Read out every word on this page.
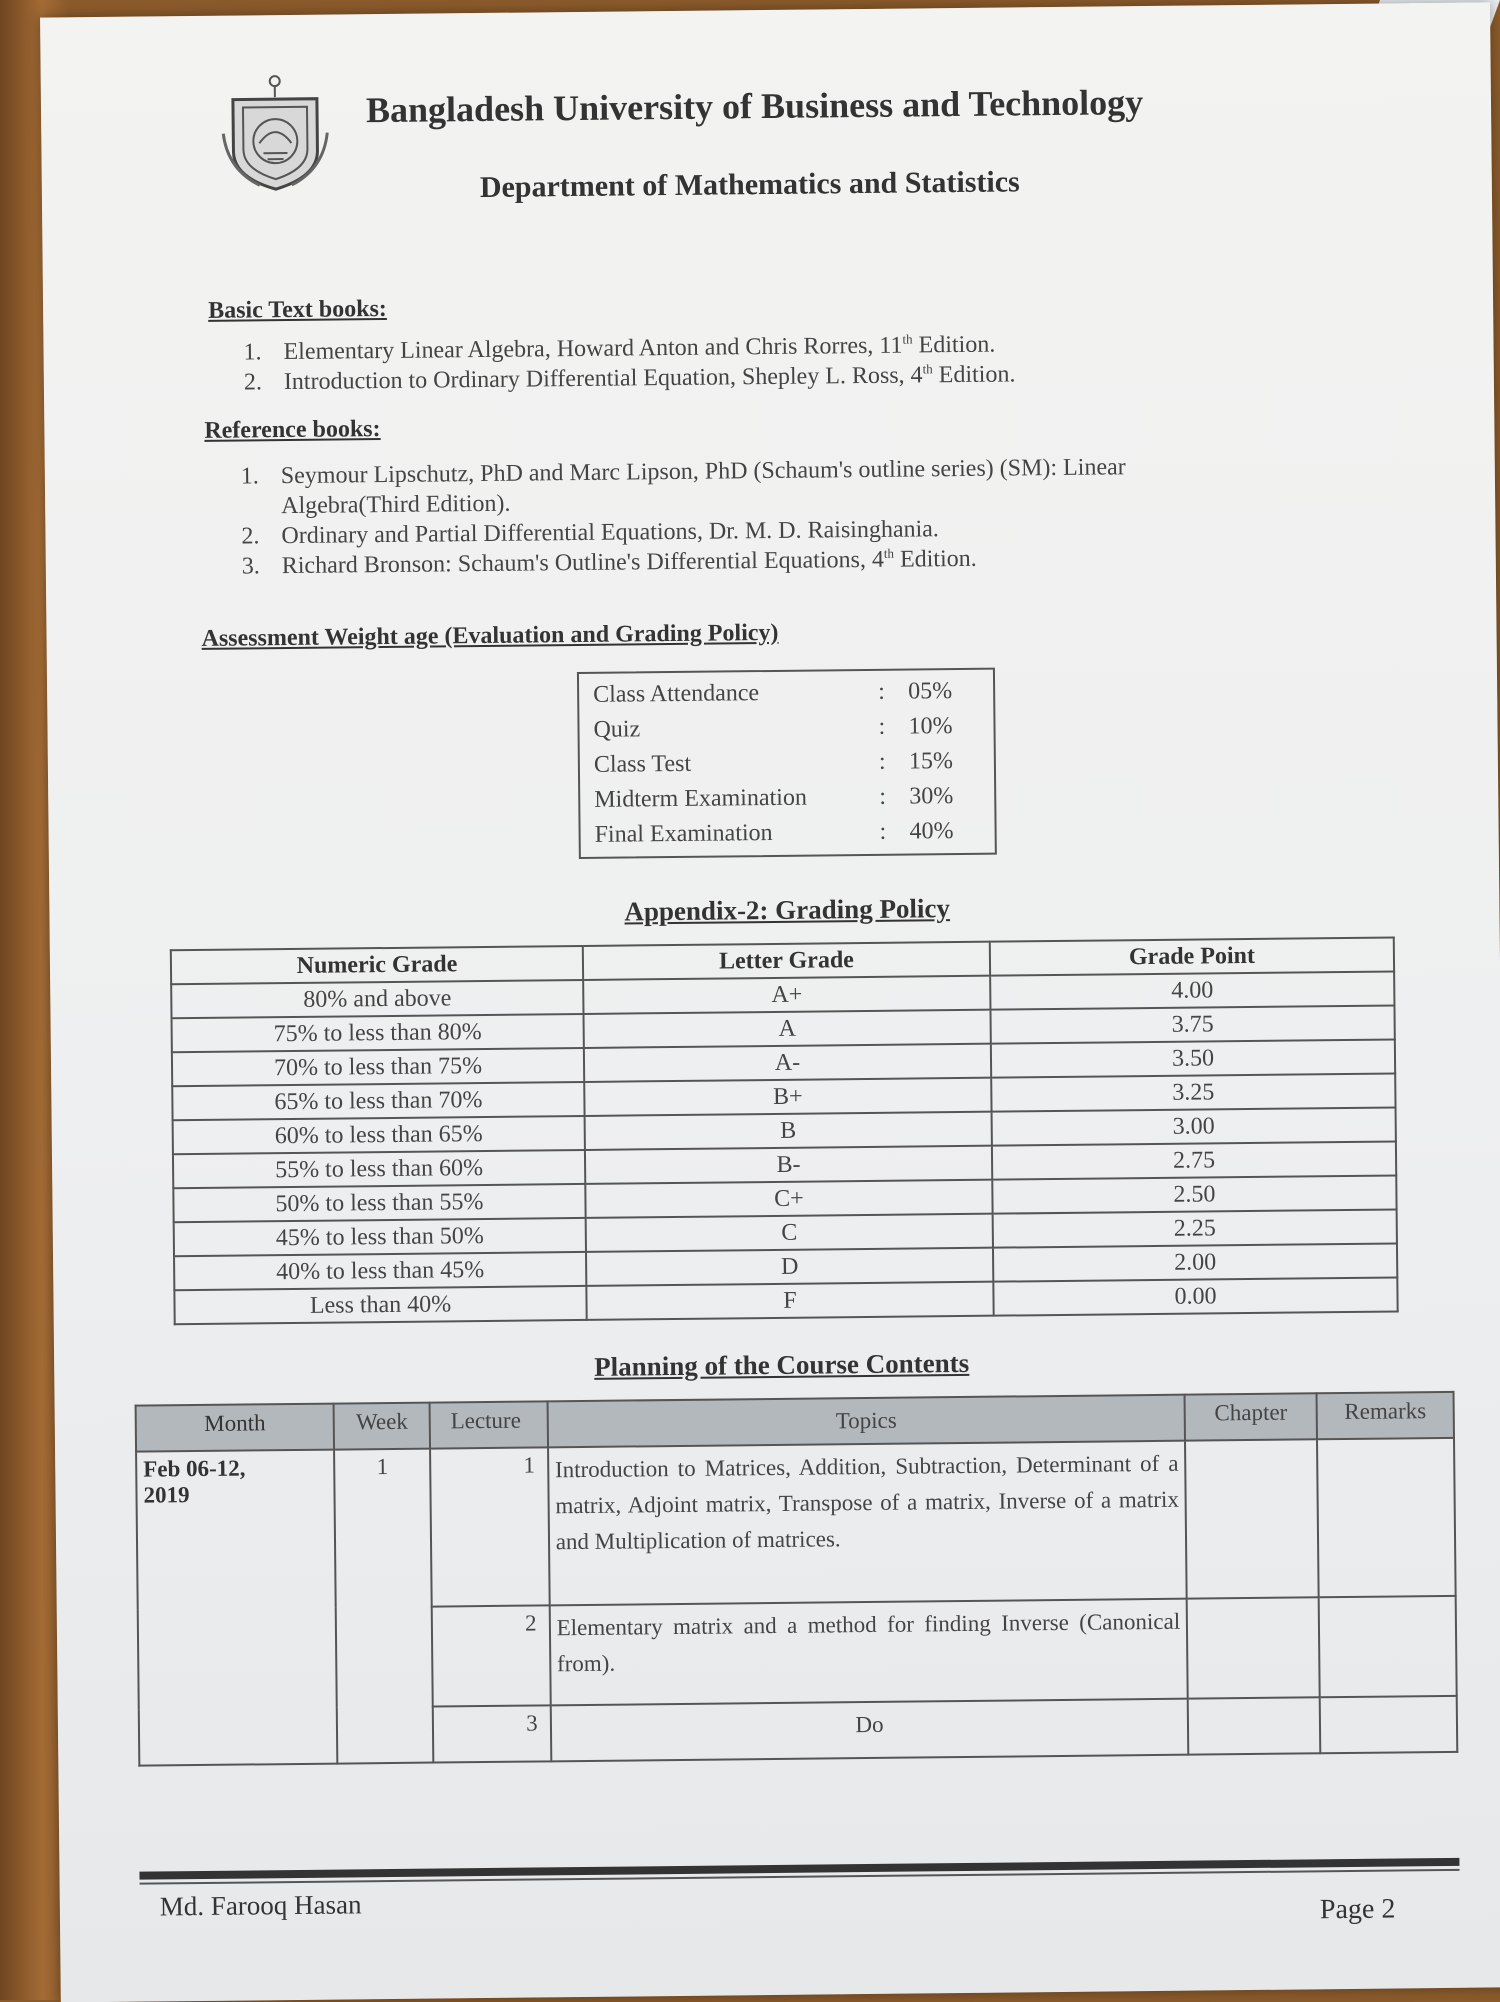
Bangladesh University of Business and Technology
Department of Mathematics and Statistics
Basic Text books:
1. Elementary Linear Algebra, Howard Anton and Chris Rorres, 11th Edition.
2. Introduction to Ordinary Differential Equation, Shepley L. Ross, 4th Edition.
Reference books:
1. Seymour Lipschutz, PhD and Marc Lipson, PhD (Schaum's outline series) (SM): Linear
Algebra(Third Edition).
2. Ordinary and Partial Differential Equations, Dr. M. D. Raisinghania.
3. Richard Bronson: Schaum's Outline's Differential Equations, 4th Edition.
Assessment Weight age (Evaluation and Grading Policy)
Class Attendance	: 05%
Quiz	: 10%
Class Test	: 15%
Midterm Examination	: 30%
Final Examination	: 40%
Appendix-2: Grading Policy
Numeric Grade	Letter Grade	Grade Point
80% and above	A+	4.00
75% to less than 80%	A	3.75
70% to less than 75%	A-	3.50
65% to less than 70%	B+	3.25
60% to less than 65%	B	3.00
55% to less than 60%	B-	2.75
50% to less than 55%	C+	2.50
45% to less than 50%	C	2.25
40% to less than 45%	D	2.00
Less than 40%	F	0.00
Planning of the Course Contents
Month	Week	Lecture	Topics	Chapter	Remarks
Feb 06-12,
2019	1	1	Introduction to Matrices, Addition, Subtraction, Determinant of a matrix, Adjoint matrix, Transpose of a matrix, Inverse of a matrix and Multiplication of matrices.		
		2	Elementary matrix and a method for finding Inverse (Canonical from).		
		3	Do		
Md. Farooq Hasan	Page 2
